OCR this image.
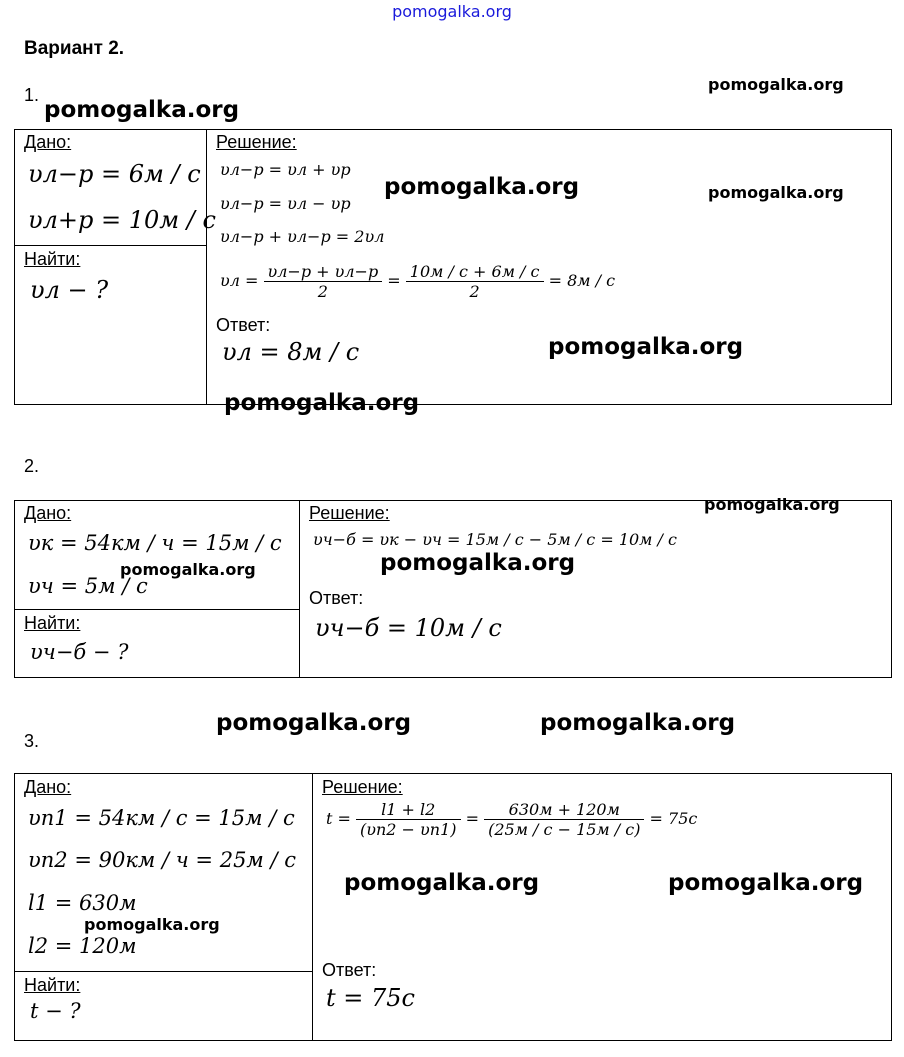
pomogalka.org
Вариант 2.
1.
Дано:
υл−р = 6м / с
υл+р = 10м / с
Найти:
υл − ?
Решение:
υл−р = υл + υр
υл−р = υл − υр
υл−р + υл−р = 2υл
$\upsilon л = \frac{\upsilon л-р + \upsilon л-р}{2} = \frac{10м / с + 6м / с}{2} = 8м / с$
Ответ:
υл = 8м / с
2.
Дано:
υк = 54км / ч = 15м / с
υч = 5м / с
Найти:
υч−б − ?
Решение:
υч−б = υк − υч = 15м / с − 5м / с = 10м / с
Ответ:
υч−б = 10м / с
3.
Дано:
υп1 = 54км / с = 15м / с
υп2 = 90км / ч = 25м / с
l1 = 630м
l2 = 120м
Найти:
t − ?
Решение:
$t = \frac{l1 + l2}{(\upsilon п2 - \upsilon п1)} = \frac{630м + 120м}{(25м / с - 15м / с)} = 75с$
Ответ:
t = 75с
pomogalka.org
pomogalka.org
pomogalka.org	pomogalka.org
pomogalka.org
pomogalka.org
pomogalka.org
pomogalka.org
pomogalka.org
pomogalka.org	pomogalka.org
pomogalka.org	pomogalka.org
pomogalka.org
